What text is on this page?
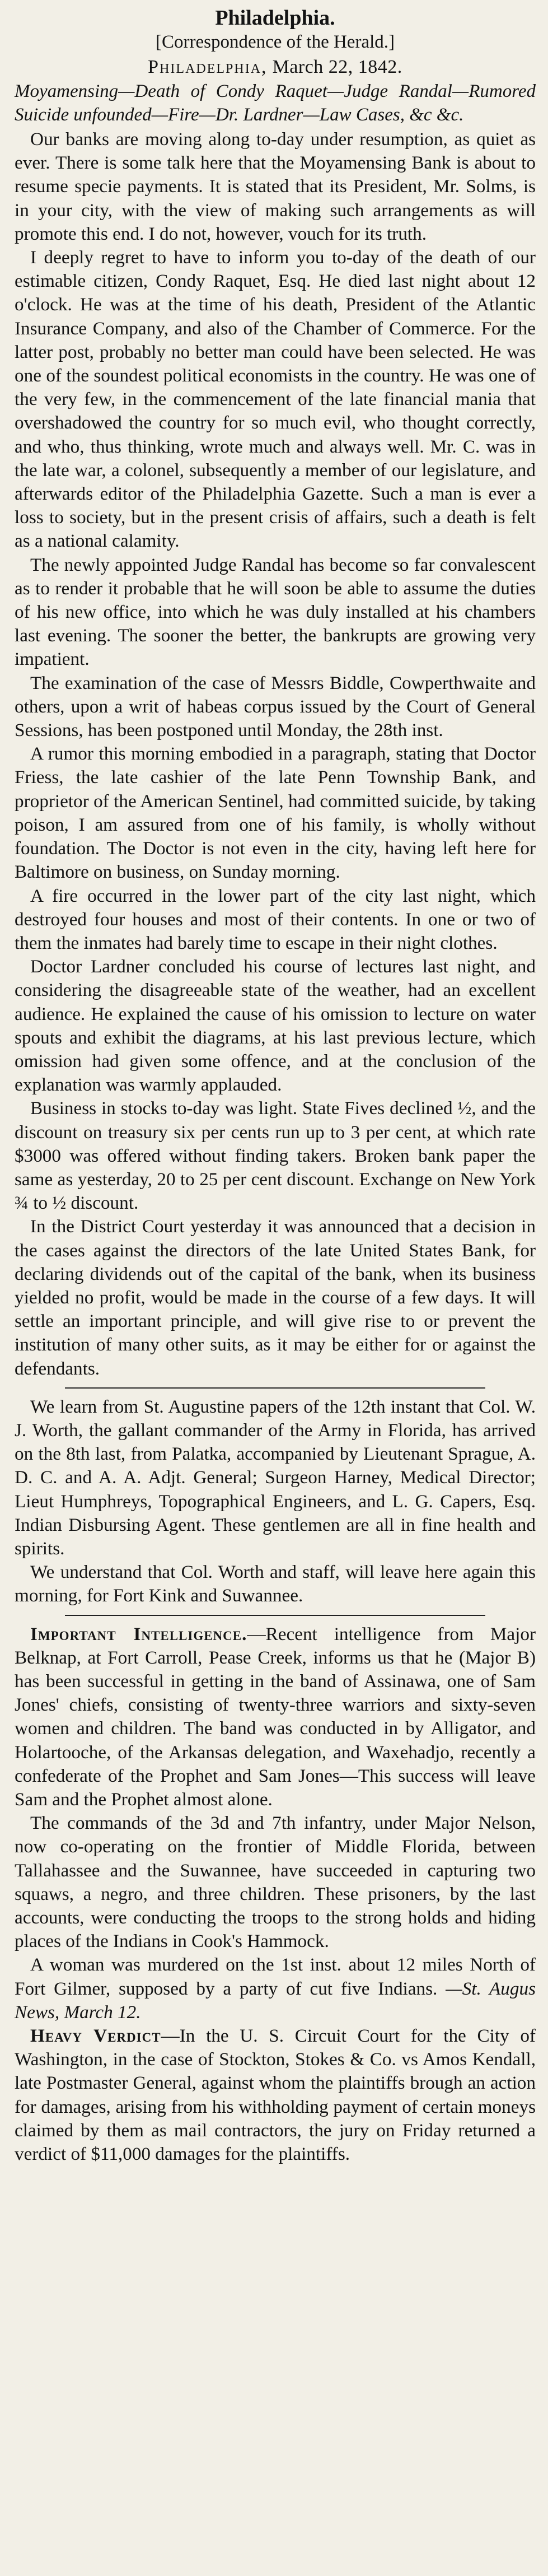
Philadelphia.
[Correspondence of the Herald.]
Philadelphia, March 22, 1842.
Moyamensing—Death of Condy Raquet—Judge Randal—Rumored Suicide unfounded—Fire—Dr. Lardner—Law Cases, &c &c.

Our banks are moving along to-day under resumption, as quiet as ever. There is some talk here that the Moyamensing Bank is about to resume specie payments. It is stated that its President, Mr. Solms, is in your city, with the view of making such arrangements as will promote this end. I do not, however, vouch for its truth.

I deeply regret to have to inform you to-day of the death of our estimable citizen, Condy Raquet, Esq. He died last night about 12 o'clock. He was at the time of his death, President of the Atlantic Insurance Company, and also of the Chamber of Commerce. For the latter post, probably no better man could have been selected. He was one of the soundest political economists in the country. He was one of the very few, in the commencement of the late financial mania that overshadowed the country for so much evil, who thought correctly, and who, thus thinking, wrote much and always well. Mr. C. was in the late war, a colonel, subsequently a member of our legislature, and afterwards editor of the Philadelphia Gazette. Such a man is ever a loss to society, but in the present crisis of affairs, such a death is felt as a national calamity.

The newly appointed Judge Randal has become so far convalescent as to render it probable that he will soon be able to assume the duties of his new office, into which he was duly installed at his chambers last evening. The sooner the better, the bankrupts are growing very impatient.

The examination of the case of Messrs Biddle, Cowperthwaite and others, upon a writ of habeas corpus issued by the Court of General Sessions, has been postponed until Monday, the 28th inst.

A rumor this morning embodied in a paragraph, stating that Doctor Friess, the late cashier of the late Penn Township Bank, and proprietor of the American Sentinel, had committed suicide, by taking poison, I am assured from one of his family, is wholly without foundation. The Doctor is not even in the city, having left here for Baltimore on business, on Sunday morning.

A fire occurred in the lower part of the city last night, which destroyed four houses and most of their contents. In one or two of them the inmates had barely time to escape in their night clothes.

Doctor Lardner concluded his course of lectures last night, and considering the disagreeable state of the weather, had an excellent audience. He explained the cause of his omission to lecture on water spouts and exhibit the diagrams, at his last previous lecture, which omission had given some offence, and at the conclusion of the explanation was warmly applauded.

Business in stocks to-day was light. State Fives declined ½, and the discount on treasury six per cents run up to 3 per cent, at which rate $3000 was offered without finding takers. Broken bank paper the same as yesterday, 20 to 25 per cent discount. Exchange on New York ¾ to ½ discount.

In the District Court yesterday it was announced that a decision in the cases against the directors of the late United States Bank, for declaring dividends out of the capital of the bank, when its business yielded no profit, would be made in the course of a few days. It will settle an important principle, and will give rise to or prevent the institution of many other suits, as it may be either for or against the defendants.

We learn from St. Augustine papers of the 12th instant that Col. W. J. Worth, the gallant commander of the Army in Florida, has arrived on the 8th last, from Palatka, accompanied by Lieutenant Sprague, A. D. C. and A. A. Adjt. General; Surgeon Harney, Medical Director; Lieut Humphreys, Topographical Engineers, and L. G. Capers, Esq. Indian Disbursing Agent. These gentlemen are all in fine health and spirits.

We understand that Col. Worth and staff, will leave here again this morning, for Fort Kink and Suwannee.

Important Intelligence.—Recent intelligence from Major Belknap, at Fort Carroll, Pease Creek, informs us that he (Major B) has been successful in getting in the band of Assinawa, one of Sam Jones' chiefs, consisting of twenty-three warriors and sixty-seven women and children. The band was conducted in by Alligator, and Holartooche, of the Arkansas delegation, and Waxehadjo, recently a confederate of the Prophet and Sam Jones—This success will leave Sam and the Prophet almost alone.

The commands of the 3d and 7th infantry, under Major Nelson, now co-operating on the frontier of Middle Florida, between Tallahassee and the Suwannee, have succeeded in capturing two squaws, a negro, and three children. These prisoners, by the last accounts, were conducting the troops to the strong holds and hiding places of the Indians in Cook's Hammock.

A woman was murdered on the 1st inst. about 12 miles North of Fort Gilmer, supposed by a party of cut five Indians. —St. Augus News, March 12.

Heavy Verdict—In the U. S. Circuit Court for the City of Washington, in the case of Stockton, Stokes & Co. vs Amos Kendall, late Postmaster General, against whom the plaintiffs brough an action for damages, arising from his withholding payment of certain moneys claimed by them as mail contractors, the jury on Friday returned a verdict of $11,000 damages for the plaintiffs.
